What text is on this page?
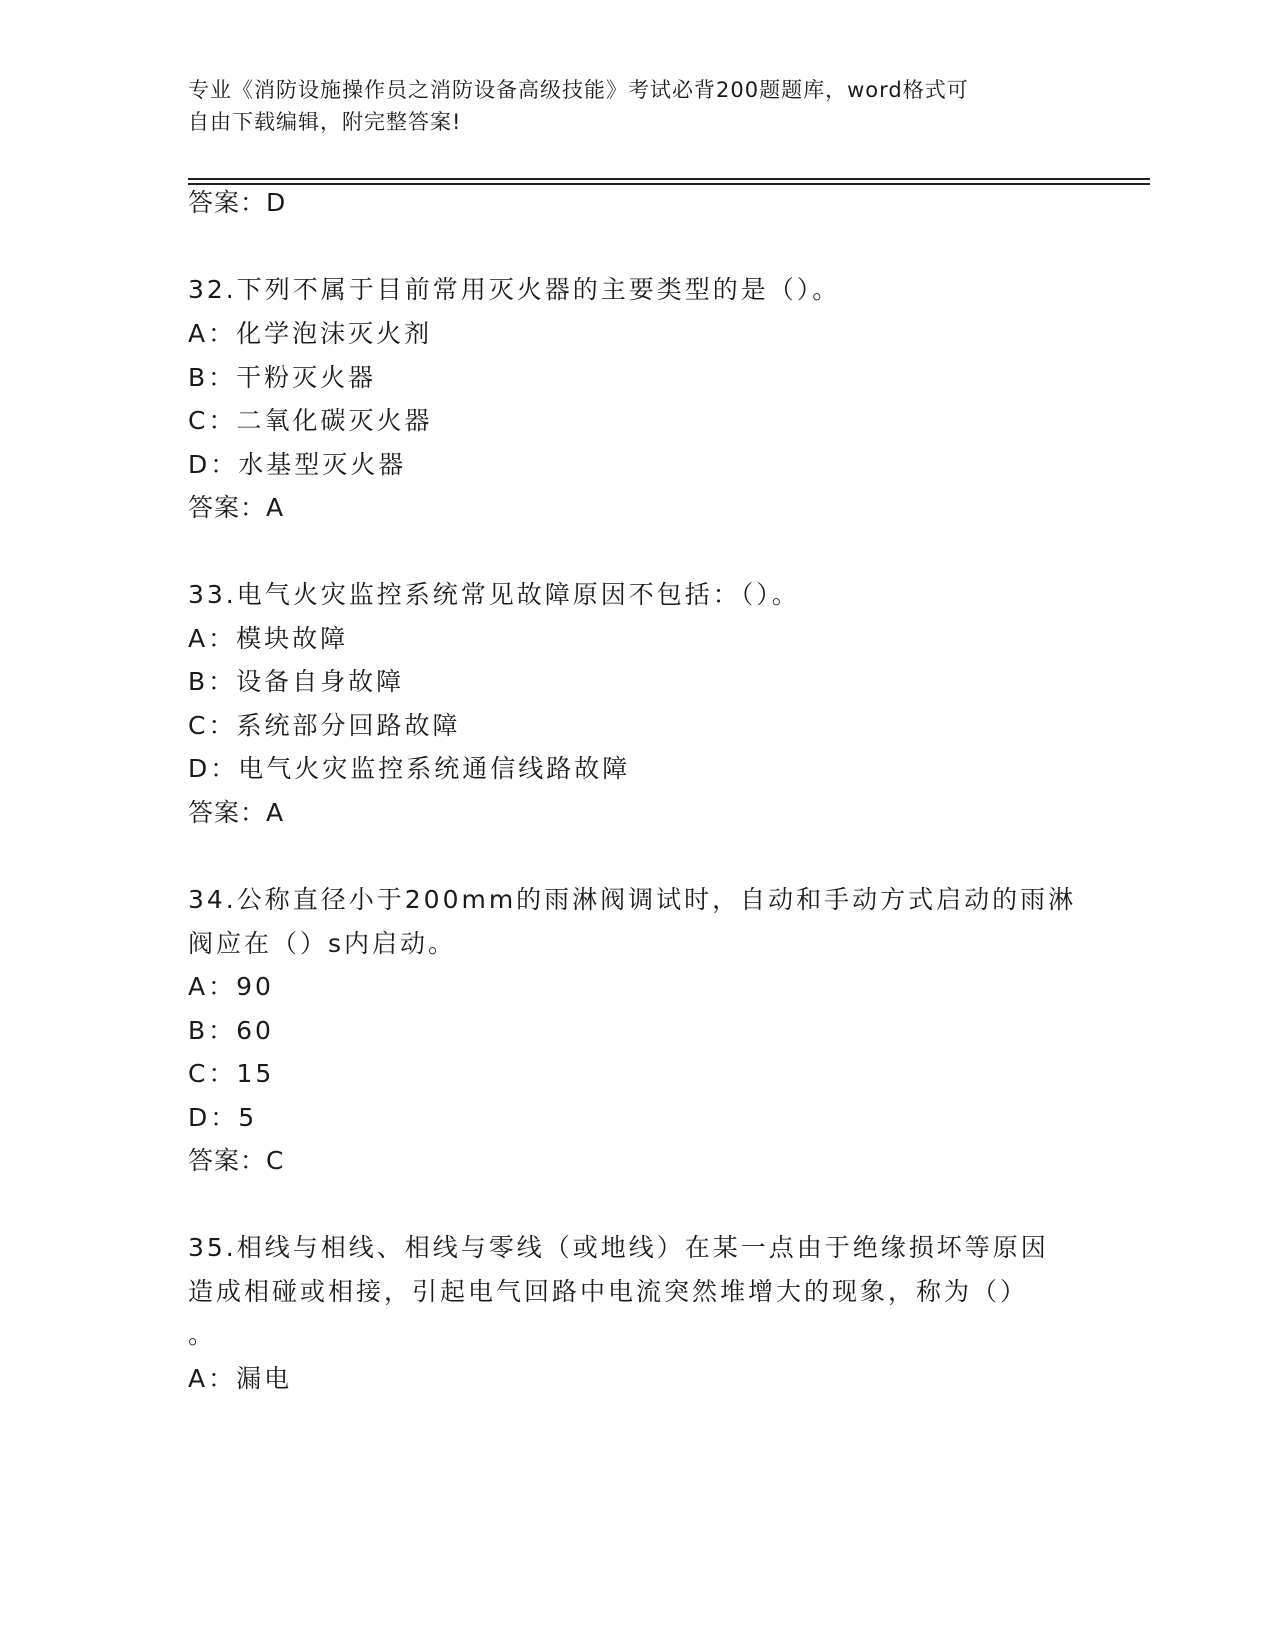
专业《消防设施操作员之消防设备高级技能》考试必背200题题库，word格式可
自由下载编辑，附完整答案!
答案：D
32.下列不属于目前常用灭火器的主要类型的是（）。
A：化学泡沫灭火剂
B：干粉灭火器
C：二氧化碳灭火器
D：水基型灭火器
答案：A
33.电气火灾监控系统常见故障原因不包括：（）。
A：模块故障
B：设备自身故障
C：系统部分回路故障
D：电气火灾监控系统通信线路故障
答案：A
34.公称直径小于200mm的雨淋阀调试时，自动和手动方式启动的雨淋
阀应在（）s内启动。
A：90
B：60
C：15
D：5
答案：C
35.相线与相线、相线与零线（或地线）在某一点由于绝缘损坏等原因
造成相碰或相接，引起电气回路中电流突然堆增大的现象，称为（）
。
A：漏电
